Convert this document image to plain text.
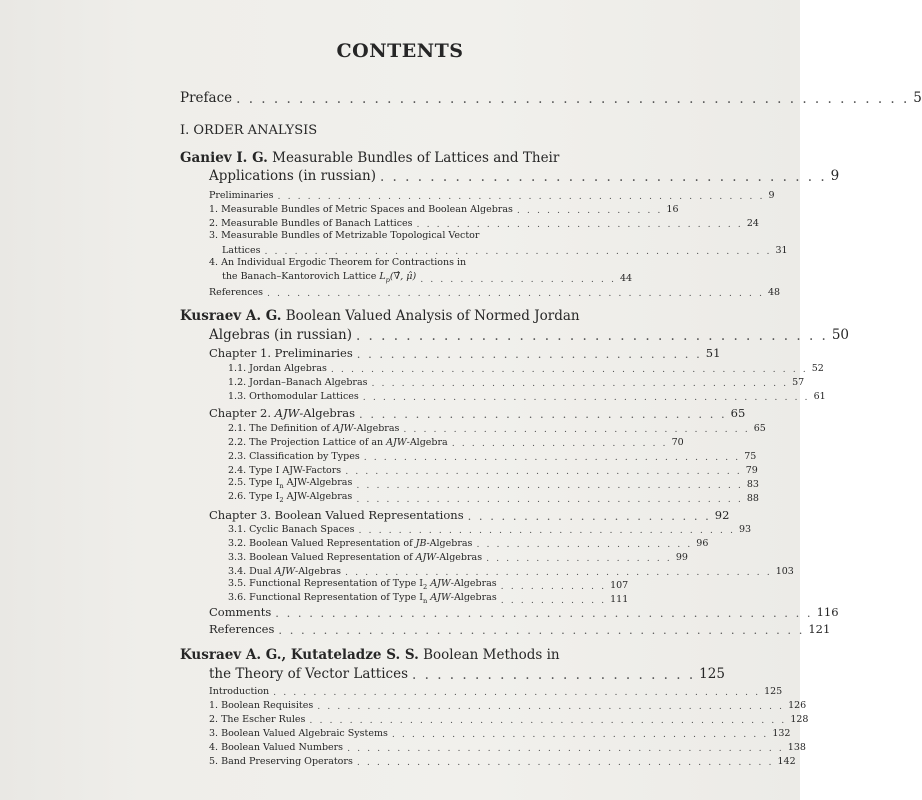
CONTENTS
Preface . . . . . . . . . . . . . . . . . . . . . . . . . . . . . . . . . . . . . . . . . . . . . . . . . . . . . . 5
I. ORDER ANALYSIS
Ganiev I. G. Measurable Bundles of Lattices and Their
Applications (in russian) . . . . . . . . . . . . . . . . . . . . . . . . . . . . . . . . . . . . 9
Preliminaries . . . . . . . . . . . . . . . . . . . . . . . . . . . . . . . . . . . . . . . . . . . . . . . . . 9
1. Measurable Bundles of Metric Spaces and Boolean Algebras . . . . . . . . . . . . . . . 16
2. Measurable Bundles of Banach Lattices . . . . . . . . . . . . . . . . . . . . . . . . . . . . . . . . . 24
3. Measurable Bundles of Metrizable Topological Vector
Lattices . . . . . . . . . . . . . . . . . . . . . . . . . . . . . . . . . . . . . . . . . . . . . . . . . . . 31
4. An Individual Ergodic Theorem for Contractions in
the Banach–Kantorovich Lattice $L_p(\nablâ$, μ̂) . . . . . . . . . . . . . . . . . . . . 44
References . . . . . . . . . . . . . . . . . . . . . . . . . . . . . . . . . . . . . . . . . . . . . . . . . . 48
Kusraev A. G. Boolean Valued Analysis of Normed Jordan
Algebras (in russian) . . . . . . . . . . . . . . . . . . . . . . . . . . . . . . . . . . . . . . 50
Chapter 1. Preliminaries . . . . . . . . . . . . . . . . . . . . . . . . . . . . . . . 51
1.1. Jordan Algebras . . . . . . . . . . . . . . . . . . . . . . . . . . . . . . . . . . . . . . . . . . . . . . . . 52
1.2. Jordan–Banach Algebras . . . . . . . . . . . . . . . . . . . . . . . . . . . . . . . . . . . . . . . . . . 57
1.3. Orthomodular Lattices . . . . . . . . . . . . . . . . . . . . . . . . . . . . . . . . . . . . . . . . . . . . . 61
Chapter 2. AJW-Algebras . . . . . . . . . . . . . . . . . . . . . . . . . . . . . . . . . 65
2.1. The Definition of AJW-Algebras . . . . . . . . . . . . . . . . . . . . . . . . . . . . . . . . . . . 65
2.2. The Projection Lattice of an AJW-Algebra . . . . . . . . . . . . . . . . . . . . . . 70
2.3. Classification by Types . . . . . . . . . . . . . . . . . . . . . . . . . . . . . . . . . . . . . . 75
2.4. Type I AJW-Factors . . . . . . . . . . . . . . . . . . . . . . . . . . . . . . . . . . . . . . . . 79
2.5. Type $I_n$ AJW-Algebras . . . . . . . . . . . . . . . . . . . . . . . . . . . . . . . . . . . . . . . 83
2.6. Type $I_2$ AJW-Algebras . . . . . . . . . . . . . . . . . . . . . . . . . . . . . . . . . . . . . . . 88
Chapter 3. Boolean Valued Representations . . . . . . . . . . . . . . . . . . . . . . 92
3.1. Cyclic Banach Spaces . . . . . . . . . . . . . . . . . . . . . . . . . . . . . . . . . . . . . . 93
3.2. Boolean Valued Representation of JB-Algebras . . . . . . . . . . . . . . . . . . . . . . 96
3.3. Boolean Valued Representation of AJW-Algebras . . . . . . . . . . . . . . . . . . . 99
3.4. Dual AJW-Algebras . . . . . . . . . . . . . . . . . . . . . . . . . . . . . . . . . . . . . . . . . . . 103
3.5. Functional Representation of Type $I_2$ AJW-Algebras . . . . . . . . . . . 107
3.6. Functional Representation of Type $I_n$ AJW-Algebras . . . . . . . . . . . 111
Comments . . . . . . . . . . . . . . . . . . . . . . . . . . . . . . . . . . . . . . . . . . . . . . . . 116
References . . . . . . . . . . . . . . . . . . . . . . . . . . . . . . . . . . . . . . . . . . . . . . . 121
Kusraev A. G., Kutateladze S. S. Boolean Methods in
the Theory of Vector Lattices . . . . . . . . . . . . . . . . . . . . . . . 125
Introduction . . . . . . . . . . . . . . . . . . . . . . . . . . . . . . . . . . . . . . . . . . . . . . . . . 125
1. Boolean Requisites . . . . . . . . . . . . . . . . . . . . . . . . . . . . . . . . . . . . . . . . . . . . . . . 126
2. The Escher Rules . . . . . . . . . . . . . . . . . . . . . . . . . . . . . . . . . . . . . . . . . . . . . . . . 128
3. Boolean Valued Algebraic Systems . . . . . . . . . . . . . . . . . . . . . . . . . . . . . . . . . . . . . . 132
4. Boolean Valued Numbers . . . . . . . . . . . . . . . . . . . . . . . . . . . . . . . . . . . . . . . . . . . . 138
5. Band Preserving Operators . . . . . . . . . . . . . . . . . . . . . . . . . . . . . . . . . . . . . . . . . . 142
